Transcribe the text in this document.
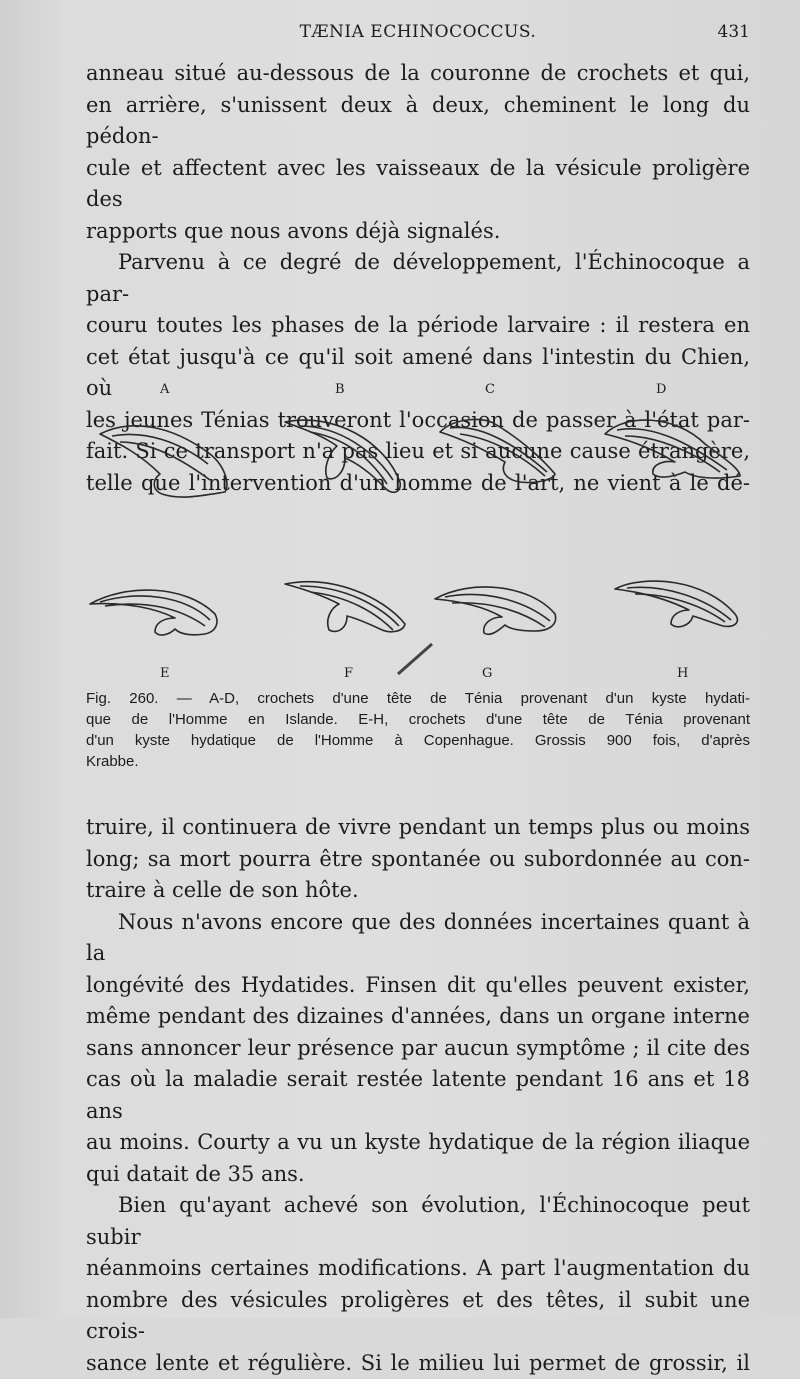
TÆNIA ECHINOCOCCUS.	431

anneau situé au-dessous de la couronne de crochets et qui,
en arrière, s'unissent deux à deux, cheminent le long du pédon-
cule et affectent avec les vaisseaux de la vésicule proligère des

rapports que nous avons déjà signalés.

Parvenu à ce degré de développement, l'Échinocoque a par-
couru toutes les phases de la période larvaire : il restera en
cet état jusqu'à ce qu'il soit amené dans l'intestin du Chien, où
les jeunes Ténias trouveront l'occasion de passer à l'état par-
fait. Si ce transport n'a pas lieu et si aucune cause étrangère,
telle que l'intervention d'un homme de l'art, ne vient à le dé-

A	B	C	D
E	F	G	H
Fig. 260. — A-D, crochets d'une tête de Ténia provenant d'un kyste hydati-
que de l'Homme en Islande. E-H, crochets d'une tête de Ténia provenant
d'un kyste hydatique de l'Homme à Copenhague. Grossis 900 fois, d'après
Krabbe.

truire, il continuera de vivre pendant un temps plus ou moins
long; sa mort pourra être spontanée ou subordonnée au con-

traire à celle de son hôte.

Nous n'avons encore que des données incertaines quant à la
longévité des Hydatides. Finsen dit qu'elles peuvent exister,
même pendant des dizaines d'années, dans un organe interne
sans annoncer leur présence par aucun symptôme ; il cite des
cas où la maladie serait restée latente pendant 16 ans et 18 ans
au moins. Courty a vu un kyste hydatique de la région iliaque

qui datait de 35 ans.

Bien qu'ayant achevé son évolution, l'Échinocoque peut subir
néanmoins certaines modifications. A part l'augmentation du
nombre des vésicules proligères et des têtes, il subit une crois-
sance lente et régulière. Si le milieu lui permet de grossir, il
